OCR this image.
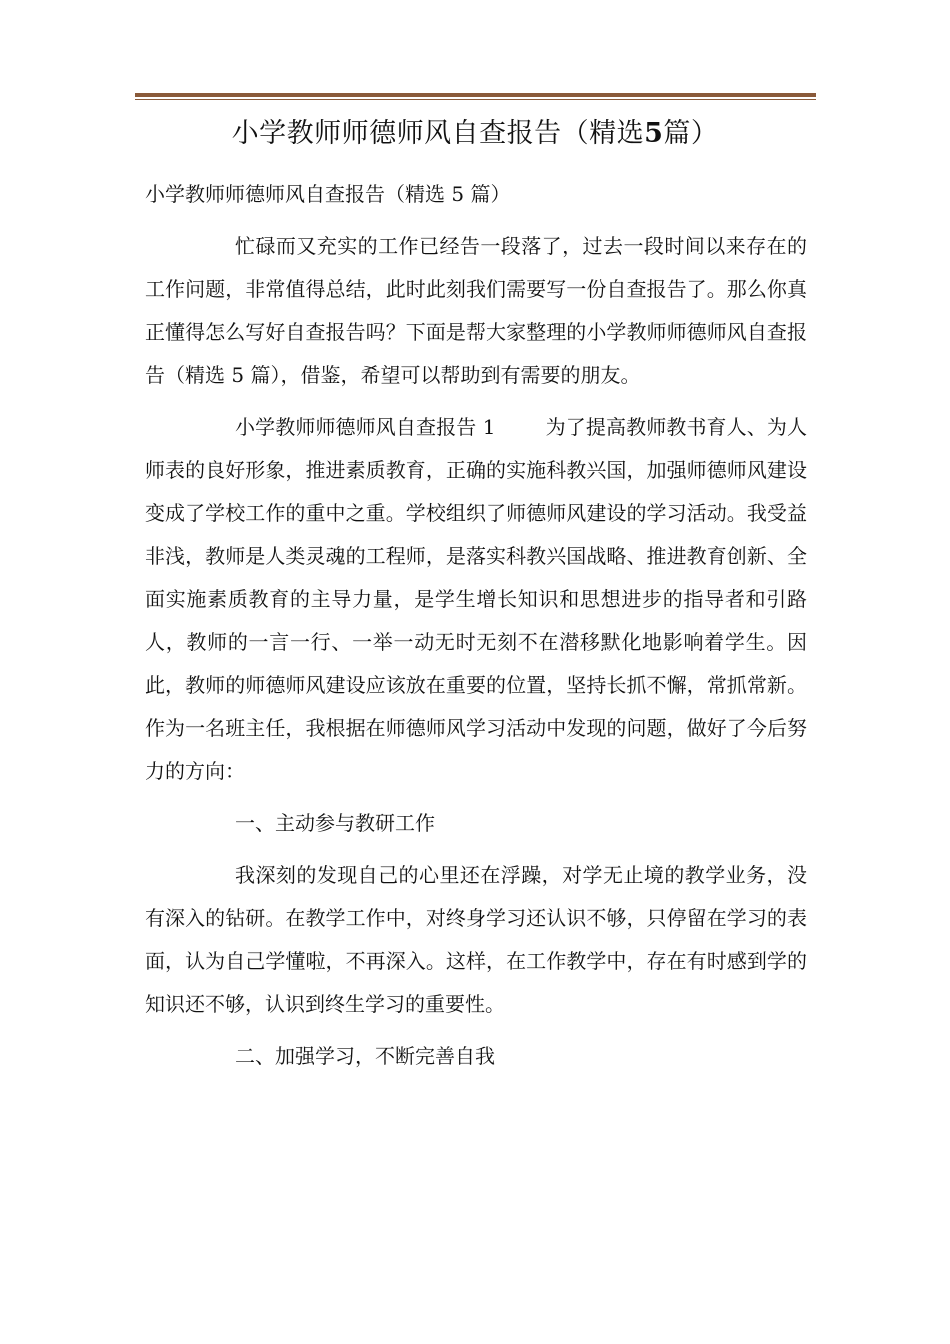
小学教师师德师风自查报告（精选5篇）

小学教师师德师风自查报告（精选 5 篇）

忙碌而又充实的工作已经告一段落了，过去一段时间以来存在的工作问题，非常值得总结，此时此刻我们需要写一份自查报告了。那么你真正懂得怎么写好自查报告吗？下面是帮大家整理的小学教师师德师风自查报告（精选 5 篇），借鉴，希望可以帮助到有需要的朋友。

小学教师师德师风自查报告 1	为了提高教师教书育人、为人师表的良好形象，推进素质教育，正确的实施科教兴国，加强师德师风建设变成了学校工作的重中之重。学校组织了师德师风建设的学习活动。我受益非浅，教师是人类灵魂的工程师，是落实科教兴国战略、推进教育创新、全面实施素质教育的主导力量，是学生增长知识和思想进步的指导者和引路人，教师的一言一行、一举一动无时无刻不在潜移默化地影响着学生。因此，教师的师德师风建设应该放在重要的位置，坚持长抓不懈，常抓常新。作为一名班主任，我根据在师德师风学习活动中发现的问题，做好了今后努力的方向：

一、主动参与教研工作

我深刻的发现自己的心里还在浮躁，对学无止境的教学业务，没有深入的钻研。在教学工作中，对终身学习还认识不够，只停留在学习的表面，认为自己学懂啦，不再深入。这样，在工作教学中，存在有时感到学的知识还不够，认识到终生学习的重要性。

二、加强学习，不断完善自我
